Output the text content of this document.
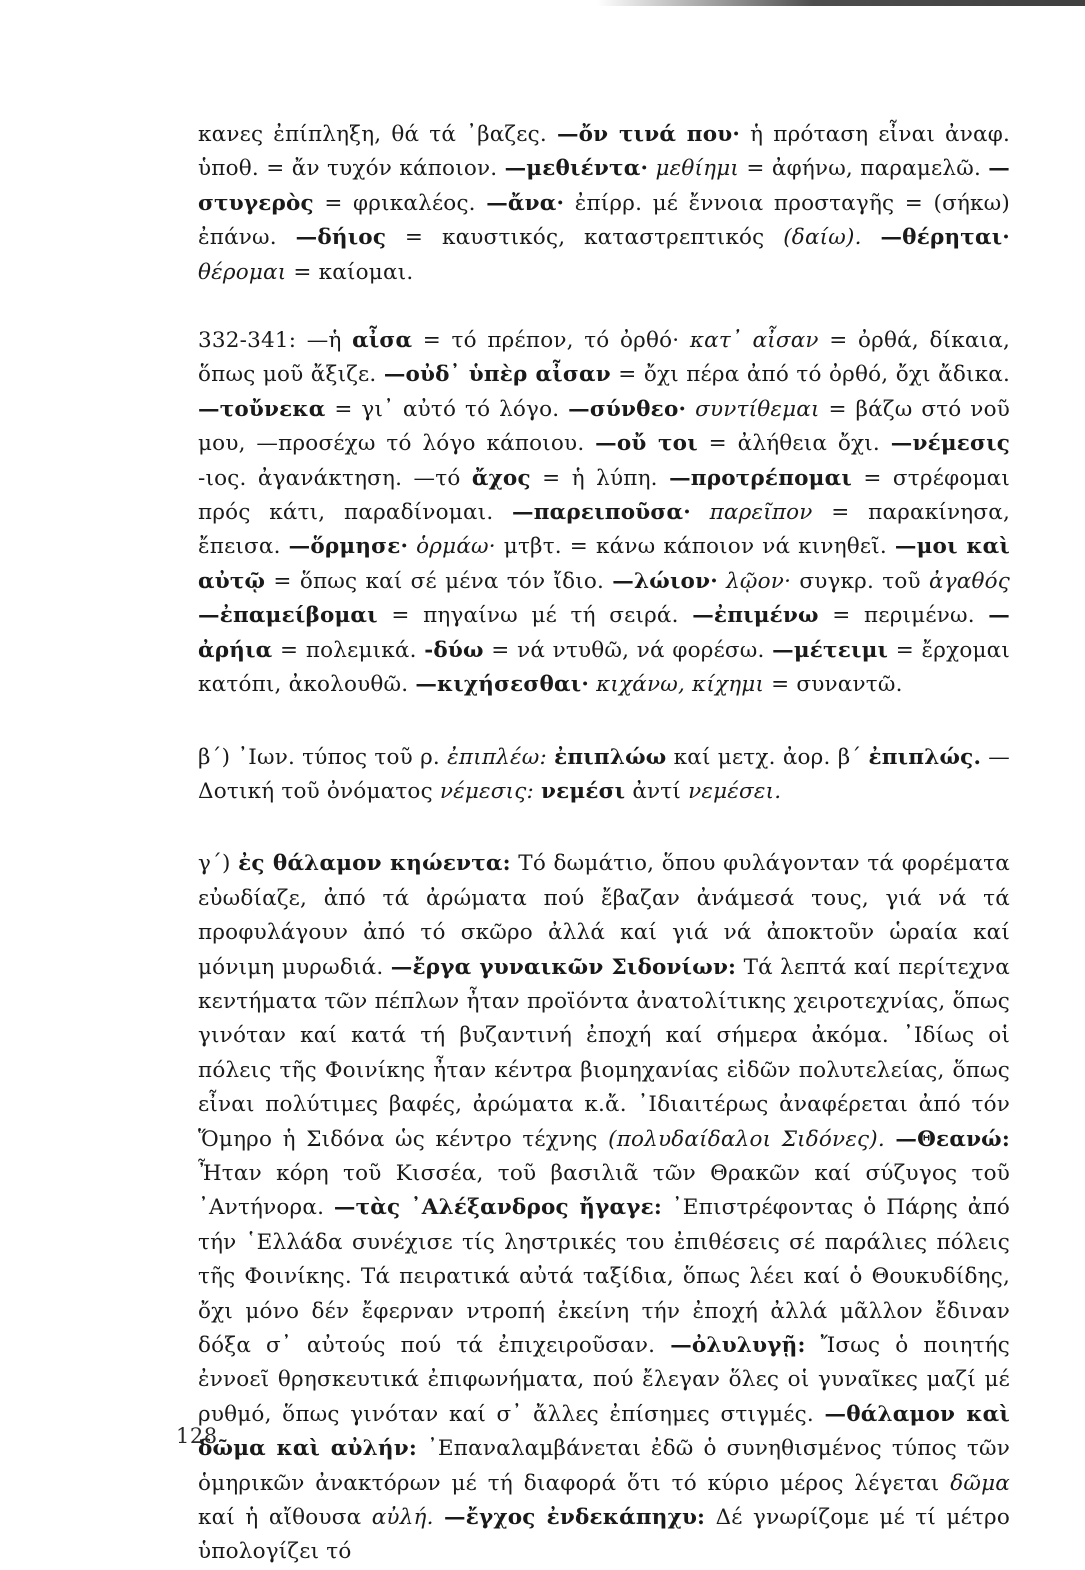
κανες ἐπίπληξη, θά τά ᾽βαζες. —ὄν τινά που· ἡ πρόταση εἶναι ἀναφ. ὑποθ. = ἄν τυχόν κάποιον. —μεθιέντα· μεθίημι = ἀφήνω, παραμελῶ. —στυγερὸς = φρικαλέος. —ἄνα· ἐπίρρ. μέ ἔννοια προσταγῆς = (σήκω) ἐπάνω. —δήιος = καυστικός, καταστρεπτικός (δαίω). —θέρηται· θέρομαι = καίομαι.

332-341: —ἡ αἶσα = τό πρέπον, τό ὀρθό· κατ᾽ αἶσαν = ὀρθά, δίκαια, ὅπως μοῦ ἄξιζε. —οὐδ᾽ ὑπὲρ αἶσαν = ὄχι πέρα ἀπό τό ὀρθό, ὄχι ἄδικα. —τοὔνεκα = γι᾽ αὐτό τό λόγο. —σύνθεο· συντίθεμαι = βάζω στό νοῦ μου, —προσέχω τό λόγο κάποιου. —οὔ τοι = ἀλήθεια ὄχι. —νέμεσις -ιος. ἀγανάκτηση. —τό ἄχος = ἡ λύπη. —προτρέπομαι = στρέφομαι πρός κάτι, παραδίνομαι. —παρειποῦσα· παρεῖπον = παρακίνησα, ἔπεισα. —ὅρμησε· ὁρμάω· μτβτ. = κάνω κάποιον νά κινηθεῖ. —μοι καὶ αὐτῷ = ὅπως καί σέ μένα τόν ἴδιο. —λώιον· λῷον· συγκρ. τοῦ ἀγαθός —ἐπαμείβομαι = πηγαίνω μέ τή σειρά. —ἐπιμένω = περιμένω. —ἀρήια = πολεμικά. -δύω = νά ντυθῶ, νά φορέσω. —μέτειμι = ἔρχομαι κατόπι, ἀκολουθῶ. —κιχήσεσθαι· κιχάνω, κίχημι = συναντῶ.

β΄) ᾽Ιων. τύπος τοῦ ρ. ἐπιπλέω: ἐπιπλώω καί μετχ. ἀορ. β΄ ἐπιπλώς. —Δοτική τοῦ ὀνόματος νέμεσις: νεμέσι ἀντί νεμέσει.

γ΄) ἐς θάλαμον κηώεντα: Τό δωμάτιο, ὅπου φυλάγονταν τά φορέματα εὐωδίαζε, ἀπό τά ἀρώματα πού ἔβαζαν ἀνάμεσά τους, γιά νά τά προφυλάγουν ἀπό τό σκῶρο ἀλλά καί γιά νά ἀποκτοῦν ὡραία καί μόνιμη μυρωδιά. —ἔργα γυναικῶν Σιδονίων: Τά λεπτά καί περίτεχνα κεντήματα τῶν πέπλων ἦταν προϊόντα ἀνατολίτικης χειροτεχνίας, ὅπως γινόταν καί κατά τή βυζαντινή ἐποχή καί σήμερα ἀκόμα. ᾽Ιδίως οἱ πόλεις τῆς Φοινίκης ἦταν κέντρα βιομηχανίας εἰδῶν πολυτελείας, ὅπως εἶναι πολύτιμες βαφές, ἀρώματα κ.ἄ. ᾽Ιδιαιτέρως ἀναφέρεται ἀπό τόν Ὅμηρο ἡ Σιδόνα ὡς κέντρο τέχνης (πολυδαίδαλοι Σιδόνες). —Θεανώ: Ἦταν κόρη τοῦ Κισσέα, τοῦ βασιλιᾶ τῶν Θρακῶν καί σύζυγος τοῦ ᾽Αντήνορα. —τὰς ᾽Αλέξανδρος ἤγαγε: ᾽Επιστρέφοντας ὁ Πάρης ἀπό τήν ῾Ελλάδα συνέχισε τίς ληστρικές του ἐπιθέσεις σέ παράλιες πόλεις τῆς Φοινίκης. Τά πειρατικά αὐτά ταξίδια, ὅπως λέει καί ὁ Θουκυδίδης, ὄχι μόνο δέν ἔφερναν ντροπή ἐκείνη τήν ἐποχή ἀλλά μᾶλλον ἔδιναν δόξα σ᾽ αὐτούς πού τά ἐπιχειροῦσαν. —ὀλυλυγῇ: Ἴσως ὁ ποιητής ἐννοεῖ θρησκευτικά ἐπιφωνήματα, πού ἔλεγαν ὅλες οἱ γυναῖκες μαζί μέ ρυθμό, ὅπως γινόταν καί σ᾽ ἄλλες ἐπίσημες στιγμές. —θάλαμον καὶ δῶμα καὶ αὐλήν: ᾽Επαναλαμβάνεται ἐδῶ ὁ συνηθισμένος τύπος τῶν ὁμηρικῶν ἀνακτόρων μέ τή διαφορά ὅτι τό κύριο μέρος λέγεται δῶμα καί ἡ αἴθουσα αὐλή. —ἔγχος ἐνδεκάπηχυ: Δέ γνωρίζομε μέ τί μέτρο ὑπολογίζει τό

128
